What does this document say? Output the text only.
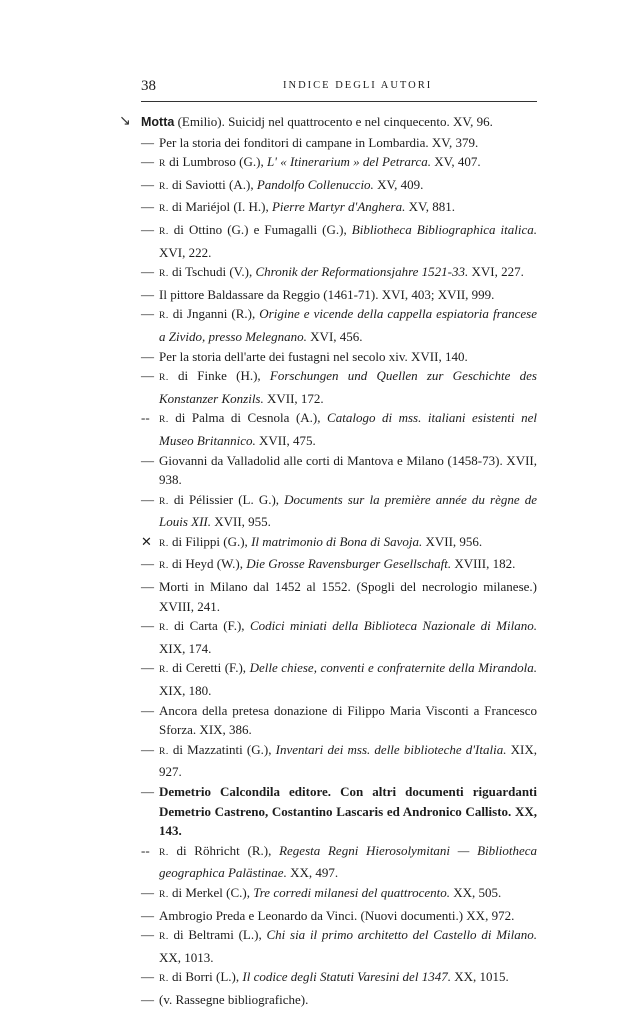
38	INDICE DEGLI AUTORI
Motta (Emilio). Suicidj nel quattrocento e nel cinquecento. XV, 96.
↘
— Per la storia dei fonditori di campane in Lombardia. XV, 379.
— R di Lumbroso (G.), L' « Itinerarium » del Petrarca. XV, 407.
— R. di Saviotti (A.), Pandolfo Collenuccio. XV, 409.
— R. di Mariéjol (I. H.), Pierre Martyr d'Anghera. XV, 881.
— R. di Ottino (G.) e Fumagalli (G.), Bibliotheca Bibliographica italica. XVI, 222.
— R. di Tschudi (V.), Chronik der Reformationsjahre 1521-33. XVI, 227.
— Il pittore Baldassare da Reggio (1461-71). XVI, 403; XVII, 999.
— R. di Jnganni (R.), Origine e vicende della cappella espiatoria francese a Zivido, presso Melegnano. XVI, 456.
— Per la storia dell'arte dei fustagni nel secolo xiv. XVII, 140.
— R. di Finke (H.), Forschungen und Quellen zur Geschichte des Konstanzer Konzils. XVII, 172.
-- R. di Palma di Cesnola (A.), Catalogo di mss. italiani esistenti nel Museo Britannico. XVII, 475.
— Giovanni da Valladolid alle corti di Mantova e Milano (1458-73). XVII, 938.
— R. di Pélissier (L. G.), Documents sur la première année du règne de Louis XII. XVII, 955.
✕ R. di Filippi (G.), Il matrimonio di Bona di Savoja. XVII, 956.
— R. di Heyd (W.), Die Grosse Ravensburger Gesellschaft. XVIII, 182.
— Morti in Milano dal 1452 al 1552. (Spogli del necrologio milanese.) XVIII, 241.
— R. di Carta (F.), Codici miniati della Biblioteca Nazionale di Milano. XIX, 174.
— R. di Ceretti (F.), Delle chiese, conventi e confraternite della Mirandola. XIX, 180.
— Ancora della pretesa donazione di Filippo Maria Visconti a Francesco Sforza. XIX, 386.
— R. di Mazzatinti (G.), Inventari dei mss. delle biblioteche d'Italia. XIX, 927.
— Demetrio Calcondila editore. Con altri documenti riguardanti Demetrio Castreno, Costantino Lascaris ed Andronico Callisto. XX, 143.
-- R. di Röhricht (R.), Regesta Regni Hierosolymitani — Bibliotheca geographica Palästinae. XX, 497.
— R. di Merkel (C.), Tre corredi milanesi del quattrocento. XX, 505.
— Ambrogio Preda e Leonardo da Vinci. (Nuovi documenti.) XX, 972.
— R. di Beltrami (L.), Chi sia il primo architetto del Castello di Milano. XX, 1013.
— R. di Borri (L.), Il codice degli Statuti Varesini del 1347. XX, 1015.
— (v. Rassegne bibliografiche).
